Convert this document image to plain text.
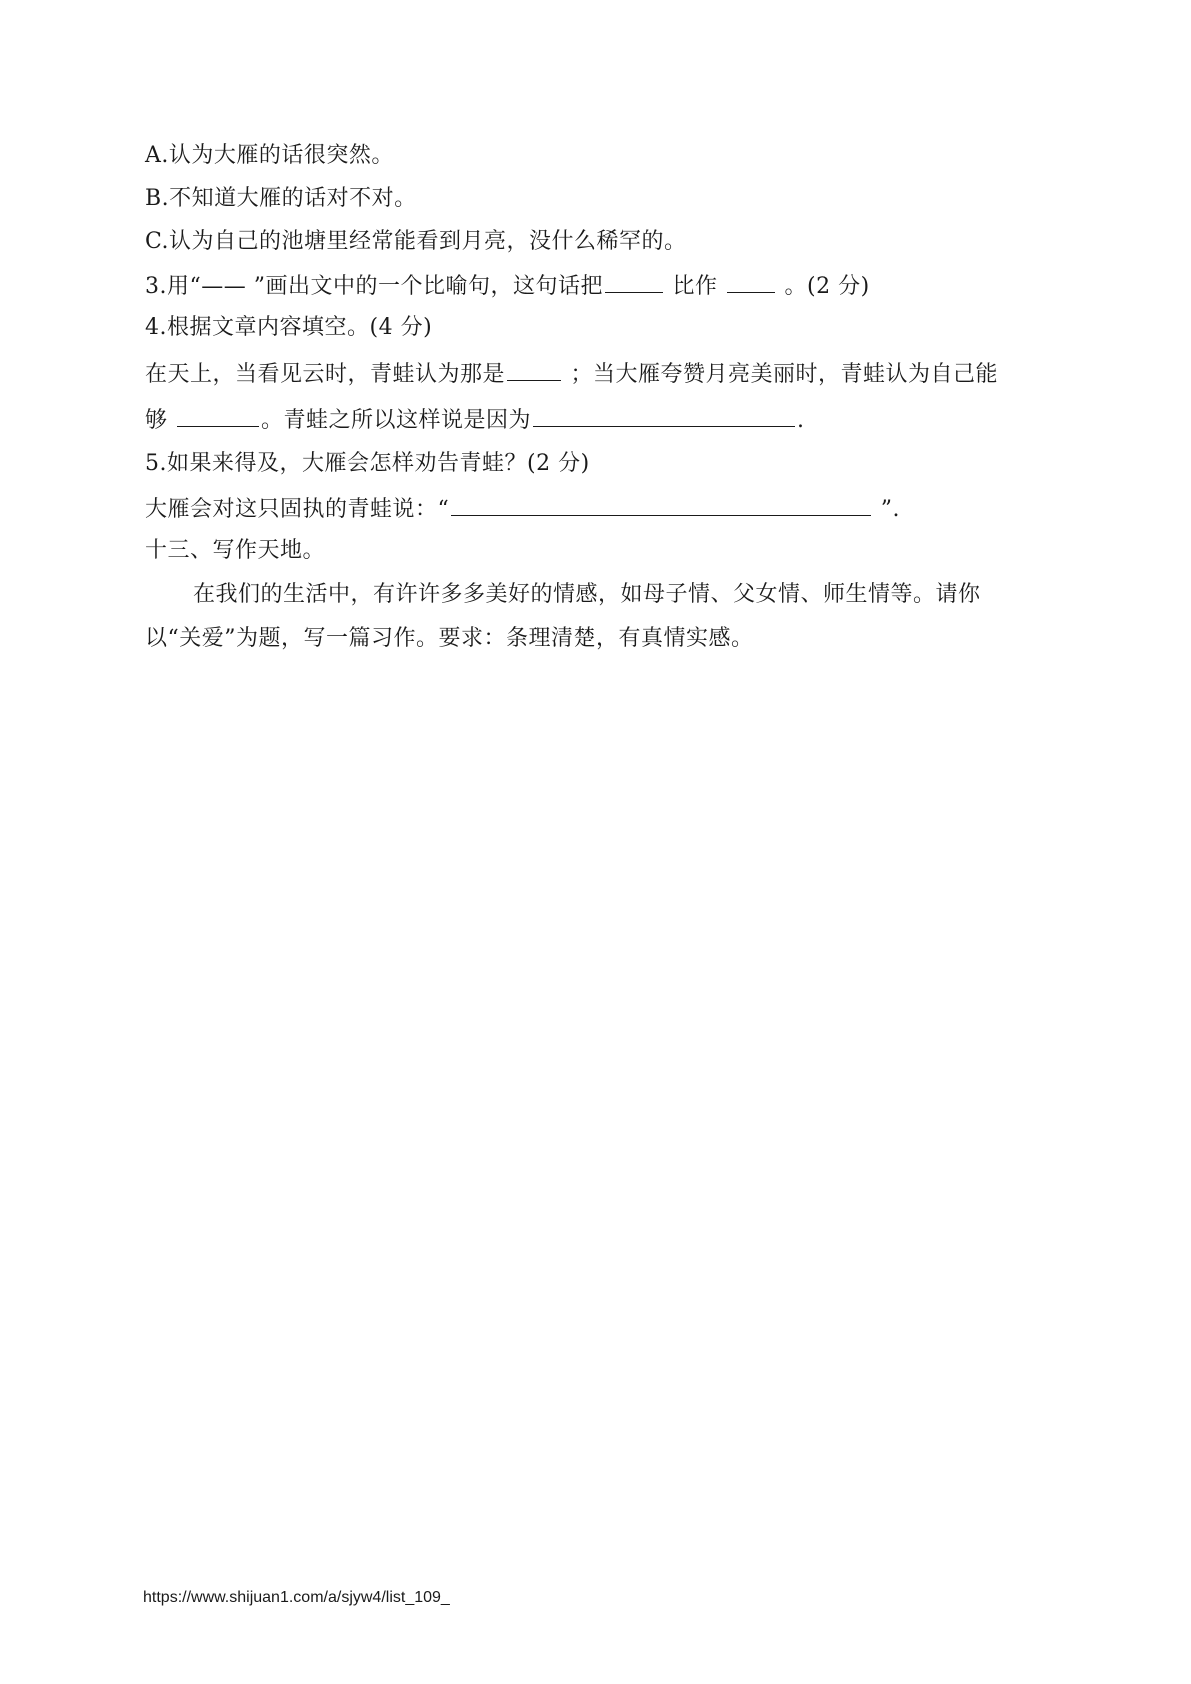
A.认为大雁的话很突然。
B.不知道大雁的话对不对。
C.认为自己的池塘里经常能看到月亮，没什么稀罕的。
3.用“—— ”画出文中的一个比喻句，这句话把	比作	。(2 分)
4.根据文章内容填空。(4 分)
在天上，当看见云时，青蛙认为那是	；当大雁夸赞月亮美丽时，青蛙认为自己能
够	。青蛙之所以这样说是因为	.
5.如果来得及，大雁会怎样劝告青蛙？(2 分)
大雁会对这只固执的青蛙说：“	”.
十三、写作天地。
在我们的生活中，有许许多多美好的情感，如母子情、父女情、师生情等。请你
以“关爱”为题，写一篇习作。要求：条理清楚，有真情实感。
https://www.shijuan1.com/a/sjyw4/list_109_
